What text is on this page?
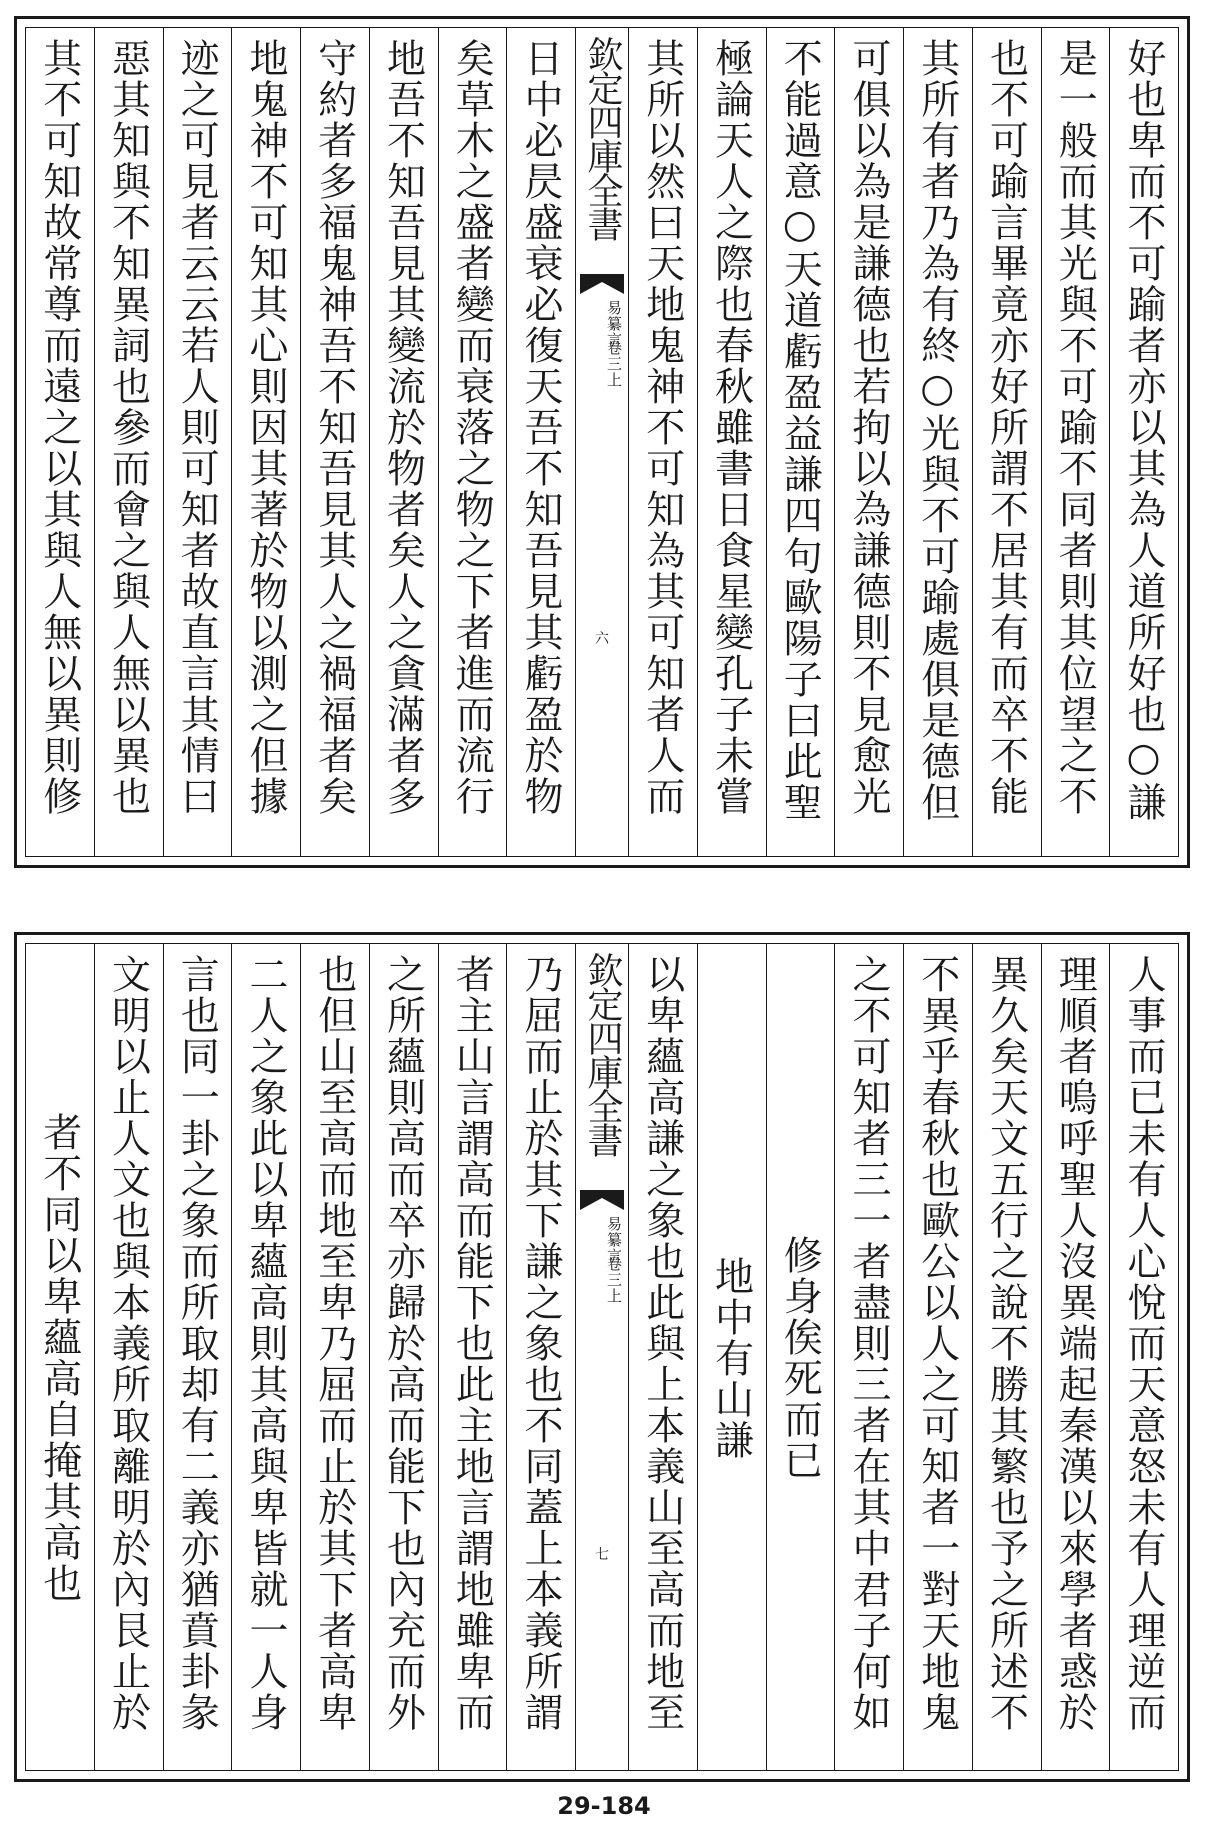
好也卑而不可踰者亦以其為人道所好也○謙
是一般而其光與不可踰不同者則其位望之不
也不可踰言畢竟亦好所謂不居其有而卒不能
其所有者乃為有終○光與不可踰處俱是德但
可俱以為是謙德也若拘以為謙德則不見愈光
不能過意○天道虧盈益謙四句歐陽子曰此聖
極論天人之際也春秋雖書日食星變孔子未嘗
其所以然曰天地鬼神不可知為其可知者人而
欽定四庫全書
易纂言
卷三上
六
日中必昃盛衰必復天吾不知吾見其虧盈於物
矣草木之盛者變而衰落之物之下者進而流行
地吾不知吾見其變流於物者矣人之貪滿者多
守約者多福鬼神吾不知吾見其人之禍福者矣
地鬼神不可知其心則因其著於物以測之但據
迹之可見者云云若人則可知者故直言其情曰
惡其知與不知異詞也參而會之與人無以異也
其不可知故常尊而遠之以其與人無以異則修
人事而已未有人心悅而天意怒未有人理逆而
理順者嗚呼聖人沒異端起秦漢以來學者惑於
異久矣天文五行之說不勝其繁也予之所述不
不異乎春秋也歐公以人之可知者一對天地鬼
之不可知者三一者盡則三者在其中君子何如
修身俟死而已
地中有山謙
以卑蘊高謙之象也此與上本義山至高而地至
欽定四庫全書
易纂言
卷三上
七
乃屈而止於其下謙之象也不同蓋上本義所謂
者主山言謂高而能下也此主地言謂地雖卑而
之所蘊則高而卒亦歸於高而能下也內充而外
也但山至高而地至卑乃屈而止於其下者高卑
二人之象此以卑蘊高則其高與卑皆就一人身
言也同一卦之象而所取却有二義亦猶賁卦彖
文明以止人文也與本義所取離明於內艮止於
者不同以卑蘊高自掩其高也
29-184
